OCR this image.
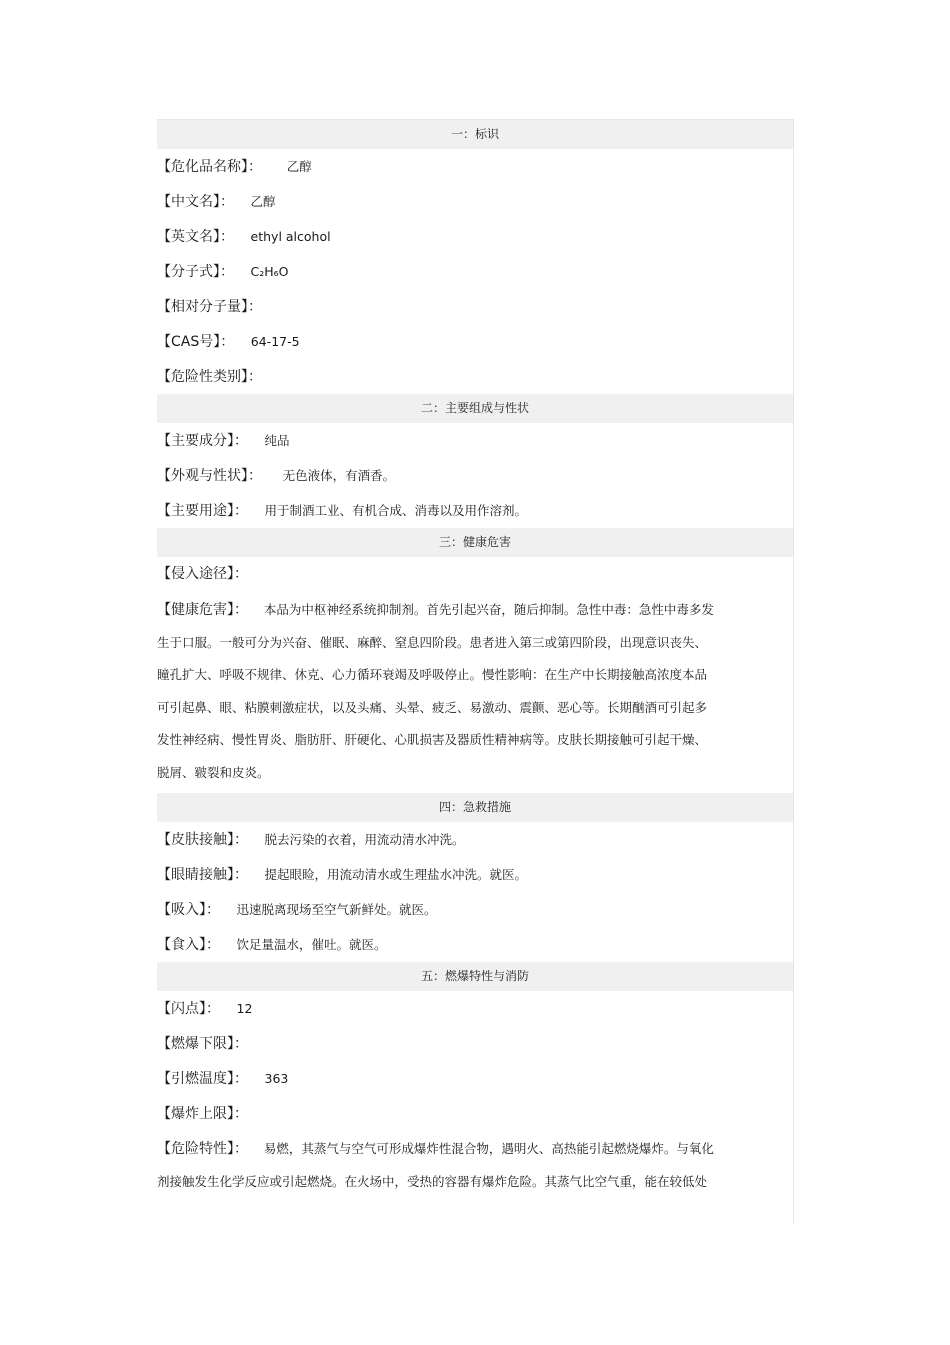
一：标识
【危化品名称】： 乙醇
【中文名】： 乙醇
【英文名】： ethyl alcohol
【分子式】： C₂H₆O
【相对分子量】：
【CAS号】： 64-17-5
【危险性类别】：
二：主要组成与性状
【主要成分】： 纯品
【外观与性状】： 无色液体，有酒香。
【主要用途】： 用于制酒工业、有机合成、消毒以及用作溶剂。
三：健康危害
【侵入途径】：
【健康危害】：    本品为中枢神经系统抑制剂。首先引起兴奋，随后抑制。急性中毒：急性中毒多发
生于口服。一般可分为兴奋、催眠、麻醉、窒息四阶段。患者进入第三或第四阶段，出现意识丧失、
瞳孔扩大、呼吸不规律、休克、心力循环衰竭及呼吸停止。慢性影响：在生产中长期接触高浓度本品
可引起鼻、眼、粘膜刺激症状，以及头痛、头晕、疲乏、易激动、震颤、恶心等。长期酗酒可引起多
发性神经病、慢性胃炎、脂肪肝、肝硬化、心肌损害及器质性精神病等。皮肤长期接触可引起干燥、
脱屑、皲裂和皮炎。
四：急救措施
【皮肤接触】： 脱去污染的衣着，用流动清水冲洗。
【眼睛接触】： 提起眼睑，用流动清水或生理盐水冲洗。就医。
【吸入】： 迅速脱离现场至空气新鲜处。就医。
【食入】： 饮足量温水，催吐。就医。
五：燃爆特性与消防
【闪点】： 12
【燃爆下限】：
【引燃温度】： 363
【爆炸上限】：
【危险特性】：    易燃，其蒸气与空气可形成爆炸性混合物，遇明火、高热能引起燃烧爆炸。与氧化
剂接触发生化学反应或引起燃烧。在火场中，受热的容器有爆炸危险。其蒸气比空气重，能在较低处
